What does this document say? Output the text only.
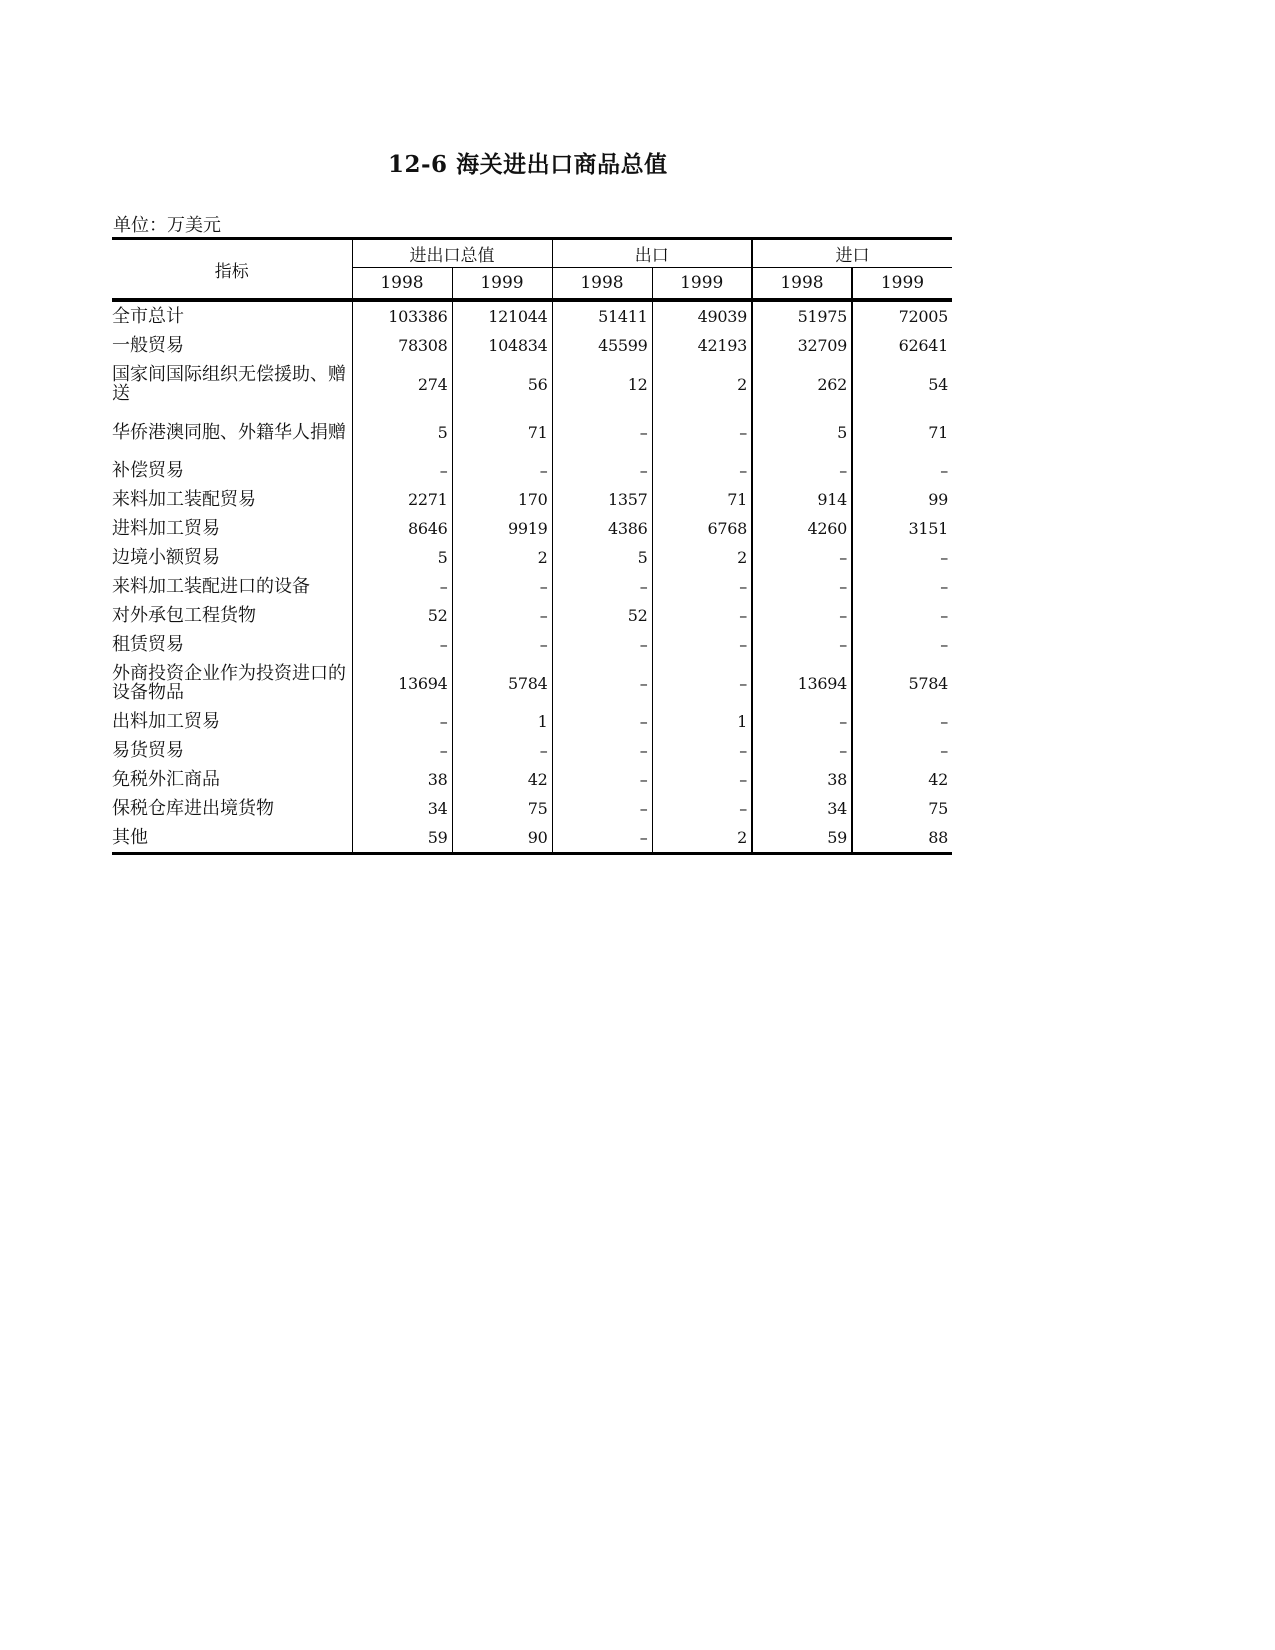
12-6 海关进出口商品总值
单位：万美元
指标	进出口总值		出口		进口	
	1998	1999	1998	1999	1998	1999
全市总计	103386	121044	51411	49039	51975	72005
一般贸易	78308	104834	45599	42193	32709	62641
国家间国际组织无偿援助、赠送	274	56	12	2	262	54
华侨港澳同胞、外籍华人捐赠	5	71	–	–	5	71
补偿贸易	–	–	–	–	–	–
来料加工装配贸易	2271	170	1357	71	914	99
进料加工贸易	8646	9919	4386	6768	4260	3151
边境小额贸易	5	2	5	2	–	–
来料加工装配进口的设备	–	–	–	–	–	–
对外承包工程货物	52	–	52	–	–	–
租赁贸易	–	–	–	–	–	–
外商投资企业作为投资进口的设备物品	13694	5784	–	–	13694	5784
出料加工贸易	–	1	–	1	–	–
易货贸易	–	–	–	–	–	–
免税外汇商品	38	42	–	–	38	42
保税仓库进出境货物	34	75	–	–	34	75
其他	59	90	–	2	59	88
